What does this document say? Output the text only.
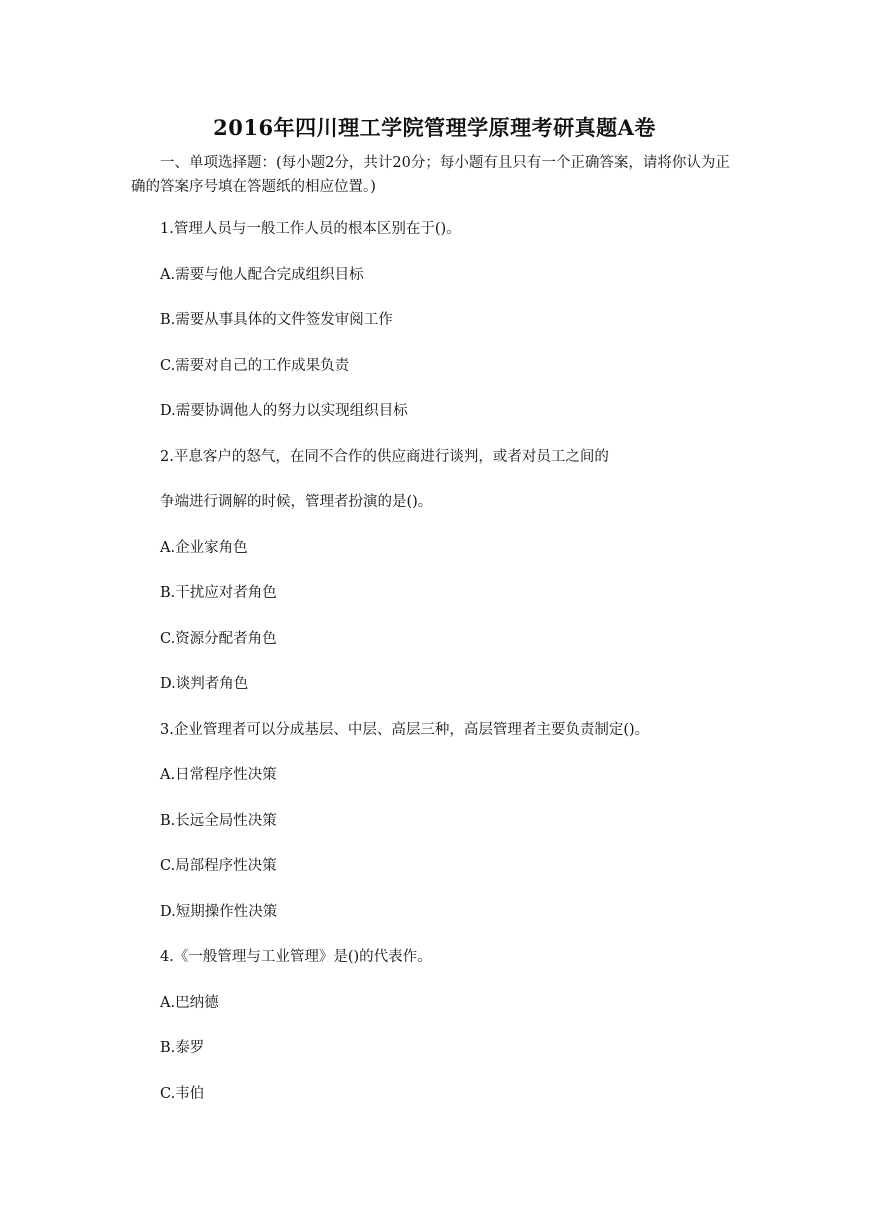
2016年四川理工学院管理学原理考研真题A卷

一、单项选择题：(每小题2分，共计20分；每小题有且只有一个正确答案，请将你认为正确的答案序号填在答题纸的相应位置。)

1.管理人员与一般工作人员的根本区别在于()。

A.需要与他人配合完成组织目标

B.需要从事具体的文件签发审阅工作

C.需要对自己的工作成果负责

D.需要协调他人的努力以实现组织目标

2.平息客户的怒气，在同不合作的供应商进行谈判，或者对员工之间的

争端进行调解的时候，管理者扮演的是()。

A.企业家角色

B.干扰应对者角色

C.资源分配者角色

D.谈判者角色

3.企业管理者可以分成基层、中层、高层三种，高层管理者主要负责制定()。

A.日常程序性决策

B.长远全局性决策

C.局部程序性决策

D.短期操作性决策

4.《一般管理与工业管理》是()的代表作。

A.巴纳德

B.泰罗

C.韦伯
